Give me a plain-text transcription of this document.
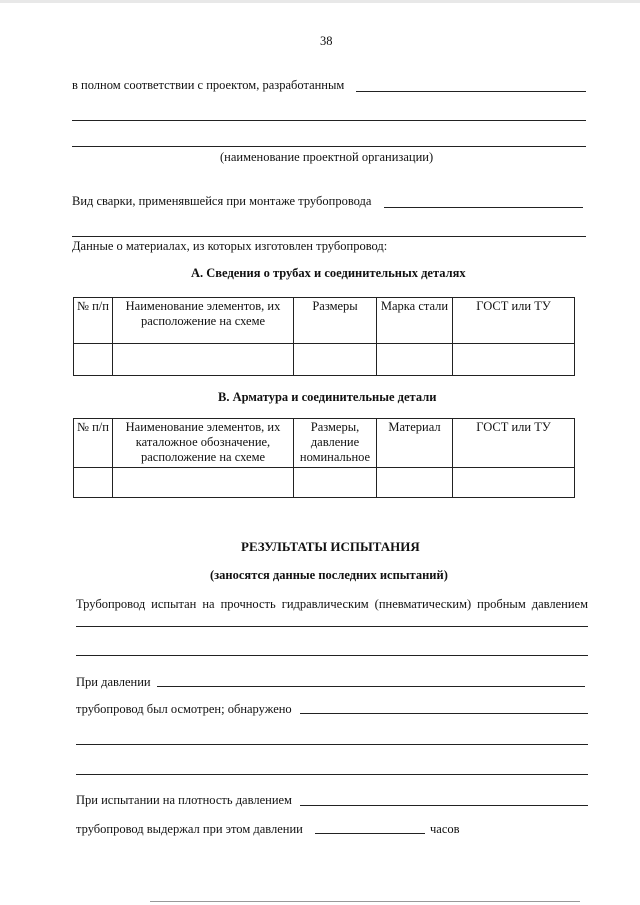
38
в полном соответствии с проектом, разработанным
(наименование проектной организации)
Вид сварки, применявшейся при монтаже трубопровода
Данные о материалах, из которых изготовлен трубопровод:
А. Сведения о трубах и соединительных деталях
№ п/п	Наименование элементов, их расположение на схеме	Размеры	Марка стали	ГОСТ или ТУ

В. Арматура и соединительные детали
№ п/п	Наименование элементов, их каталожное обозначение, расположение на схеме	Размеры, давление номинальное	Материал	ГОСТ или ТУ

РЕЗУЛЬТАТЫ ИСПЫТАНИЯ
(заносятся данные последних испытаний)
Трубопровод испытан на прочность гидравлическим (пневматическим) пробным давлением
При давлении
трубопровод был осмотрен; обнаружено
При испытании на плотность давлением
трубопровод выдержал при этом давлении	часов
